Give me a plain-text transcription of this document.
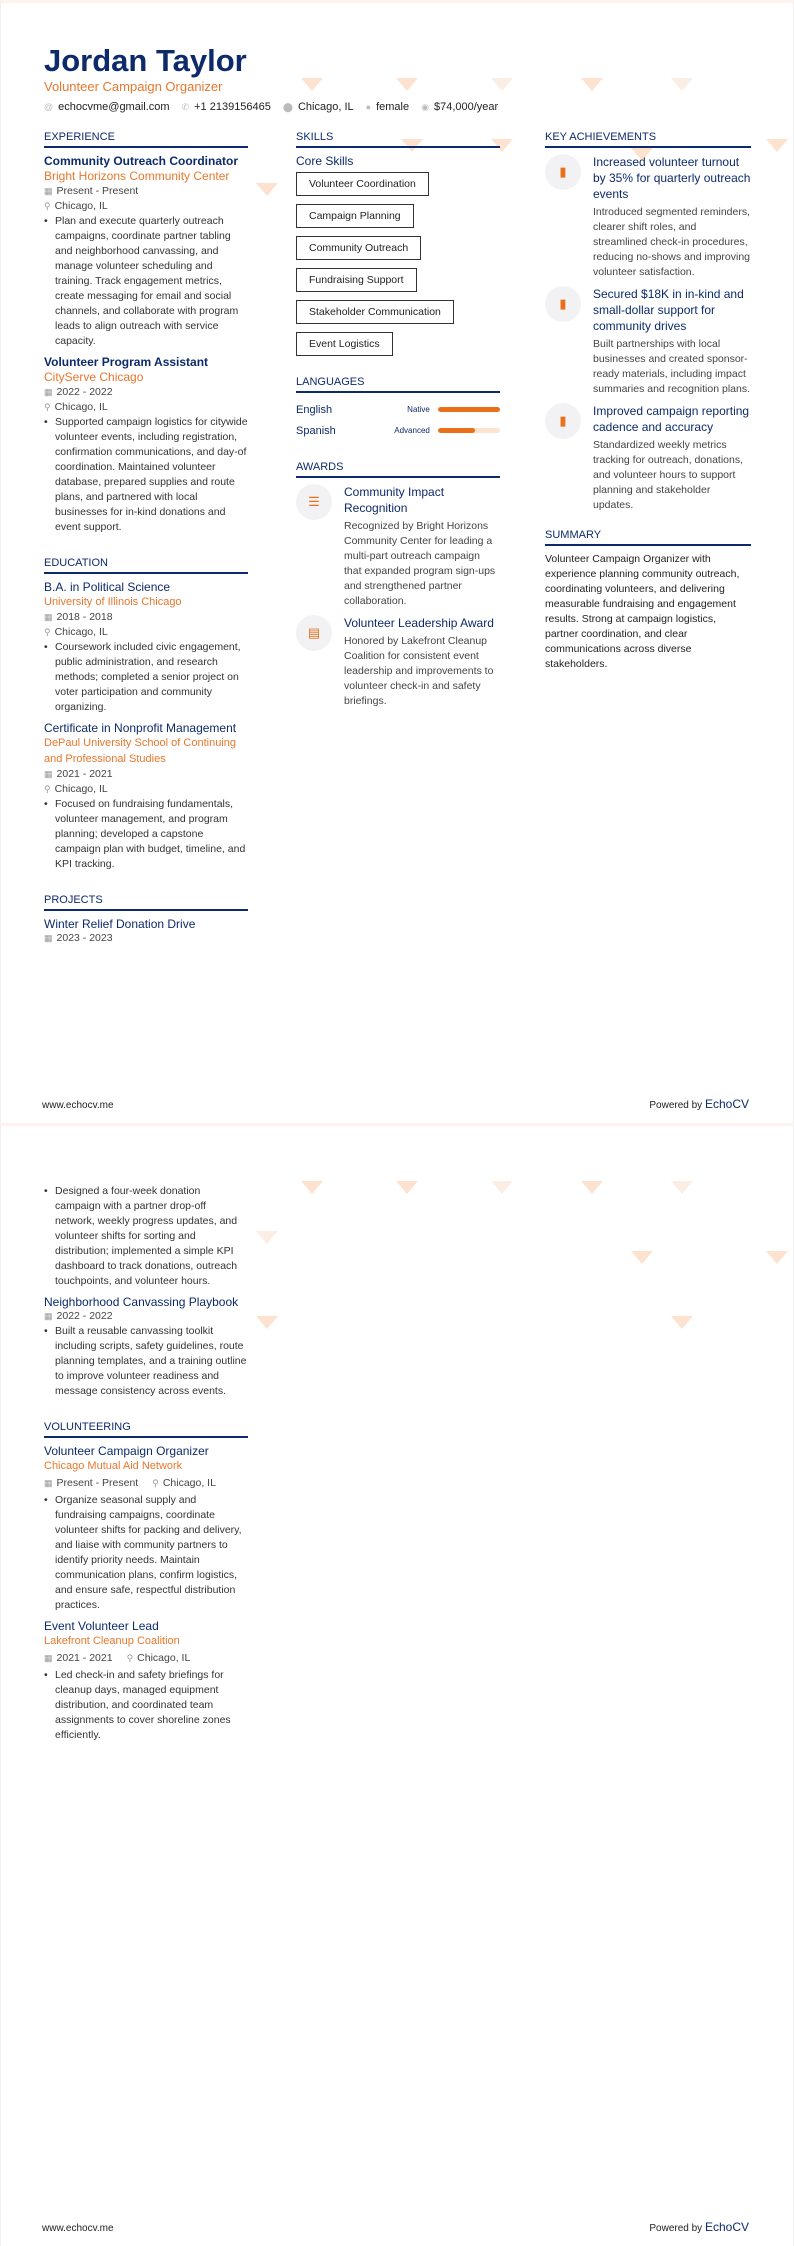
Jordan Taylor
Volunteer Campaign Organizer
@ echocvme@gmail.com ✆ +1 2139156465 ⬤ Chicago, IL ● female ◉ $74,000/year
EXPERIENCE
Community Outreach Coordinator
Bright Horizons Community Center
▦ Present - Present
⚲ Chicago, IL
• Plan and execute quarterly outreach campaigns, coordinate partner tabling and neighborhood canvassing, and manage volunteer scheduling and training. Track engagement metrics, create messaging for email and social channels, and collaborate with program leads to align outreach with service capacity.
Volunteer Program Assistant
CityServe Chicago
▦ 2022 - 2022
⚲ Chicago, IL
• Supported campaign logistics for citywide volunteer events, including registration, confirmation communications, and day-of coordination. Maintained volunteer database, prepared supplies and route plans, and partnered with local businesses for in-kind donations and event support.
EDUCATION
B.A. in Political Science
University of Illinois Chicago
▦ 2018 - 2018
⚲ Chicago, IL
• Coursework included civic engagement, public administration, and research methods; completed a senior project on voter participation and community organizing.
Certificate in Nonprofit Management
DePaul University School of Continuing and Professional Studies
▦ 2021 - 2021
⚲ Chicago, IL
• Focused on fundraising fundamentals, volunteer management, and program planning; developed a capstone campaign plan with budget, timeline, and KPI tracking.
PROJECTS
Winter Relief Donation Drive
▦ 2023 - 2023
SKILLS
Core Skills
Volunteer Coordination
Campaign Planning
Community Outreach
Fundraising Support
Stakeholder Communication
Event Logistics
LANGUAGES
English	Native
Spanish	Advanced
AWARDS
☰
Community Impact Recognition
Recognized by Bright Horizons Community Center for leading a multi-part outreach campaign that expanded program sign-ups and strengthened partner collaboration.
▤
Volunteer Leadership Award
Honored by Lakefront Cleanup Coalition for consistent event leadership and improvements to volunteer check-in and safety briefings.
KEY ACHIEVEMENTS
▮
Increased volunteer turnout by 35% for quarterly outreach events
Introduced segmented reminders, clearer shift roles, and streamlined check-in procedures, reducing no-shows and improving volunteer satisfaction.
▮
Secured $18K in in-kind and small-dollar support for community drives
Built partnerships with local businesses and created sponsor-ready materials, including impact summaries and recognition plans.
▮
Improved campaign reporting cadence and accuracy
Standardized weekly metrics tracking for outreach, donations, and volunteer hours to support planning and stakeholder updates.
SUMMARY
Volunteer Campaign Organizer with experience planning community outreach, coordinating volunteers, and delivering measurable fundraising and engagement results. Strong at campaign logistics, partner coordination, and clear communications across diverse stakeholders.
www.echocv.me	Powered by EchoCV
• Designed a four-week donation campaign with a partner drop-off network, weekly progress updates, and volunteer shifts for sorting and distribution; implemented a simple KPI dashboard to track donations, outreach touchpoints, and volunteer hours.
Neighborhood Canvassing Playbook
▦ 2022 - 2022
• Built a reusable canvassing toolkit including scripts, safety guidelines, route planning templates, and a training outline to improve volunteer readiness and message consistency across events.
VOLUNTEERING
Volunteer Campaign Organizer
Chicago Mutual Aid Network
▦ Present - Present ⚲ Chicago, IL
• Organize seasonal supply and fundraising campaigns, coordinate volunteer shifts for packing and delivery, and liaise with community partners to identify priority needs. Maintain communication plans, confirm logistics, and ensure safe, respectful distribution practices.
Event Volunteer Lead
Lakefront Cleanup Coalition
▦ 2021 - 2021 ⚲ Chicago, IL
• Led check-in and safety briefings for cleanup days, managed equipment distribution, and coordinated team assignments to cover shoreline zones efficiently.
www.echocv.me	Powered by EchoCV
